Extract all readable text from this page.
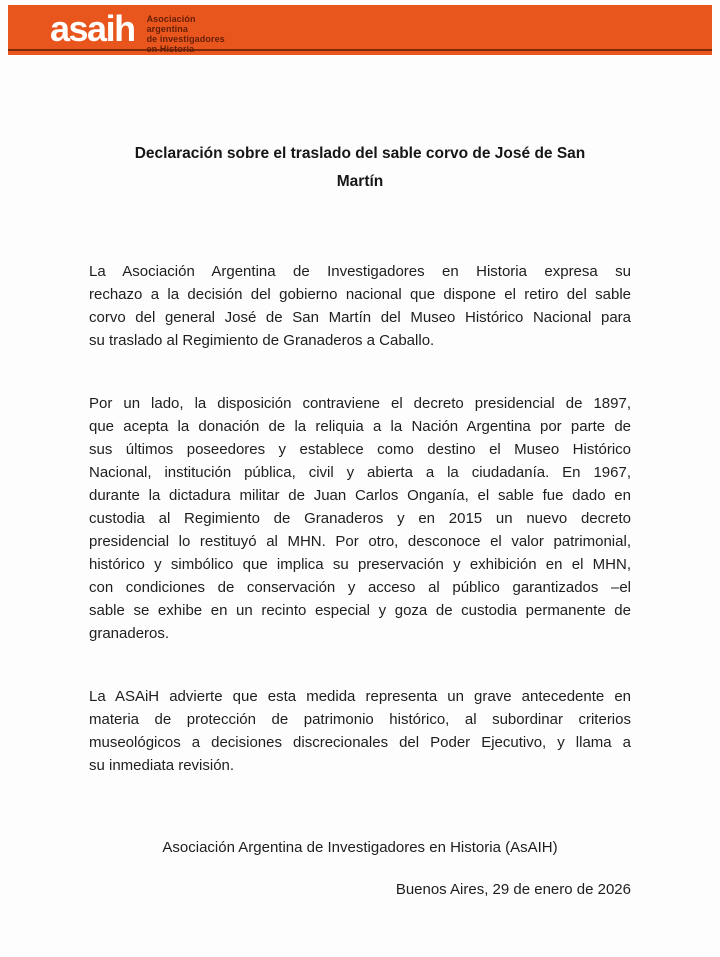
asaih Asociación
argentina
de investigadores
en Historia
Declaración sobre el traslado del sable corvo de José de San
Martín
La Asociación Argentina de Investigadores en Historia expresa su
rechazo a la decisión del gobierno nacional que dispone el retiro del sable
corvo del general José de San Martín del Museo Histórico Nacional para
su traslado al Regimiento de Granaderos a Caballo.
Por un lado, la disposición contraviene el decreto presidencial de 1897,
que acepta la donación de la reliquia a la Nación Argentina por parte de
sus últimos poseedores y establece como destino el Museo Histórico
Nacional, institución pública, civil y abierta a la ciudadanía. En 1967,
durante la dictadura militar de Juan Carlos Onganía, el sable fue dado en
custodia al Regimiento de Granaderos y en 2015 un nuevo decreto
presidencial lo restituyó al MHN. Por otro, desconoce el valor patrimonial,
histórico y simbólico que implica su preservación y exhibición en el MHN,
con condiciones de conservación y acceso al público garantizados –el
sable se exhibe en un recinto especial y goza de custodia permanente de
granaderos.
La ASAiH advierte que esta medida representa un grave antecedente en
materia de protección de patrimonio histórico, al subordinar criterios
museológicos a decisiones discrecionales del Poder Ejecutivo, y llama a
su inmediata revisión.
Asociación Argentina de Investigadores en Historia (AsAIH)
Buenos Aires, 29 de enero de 2026
